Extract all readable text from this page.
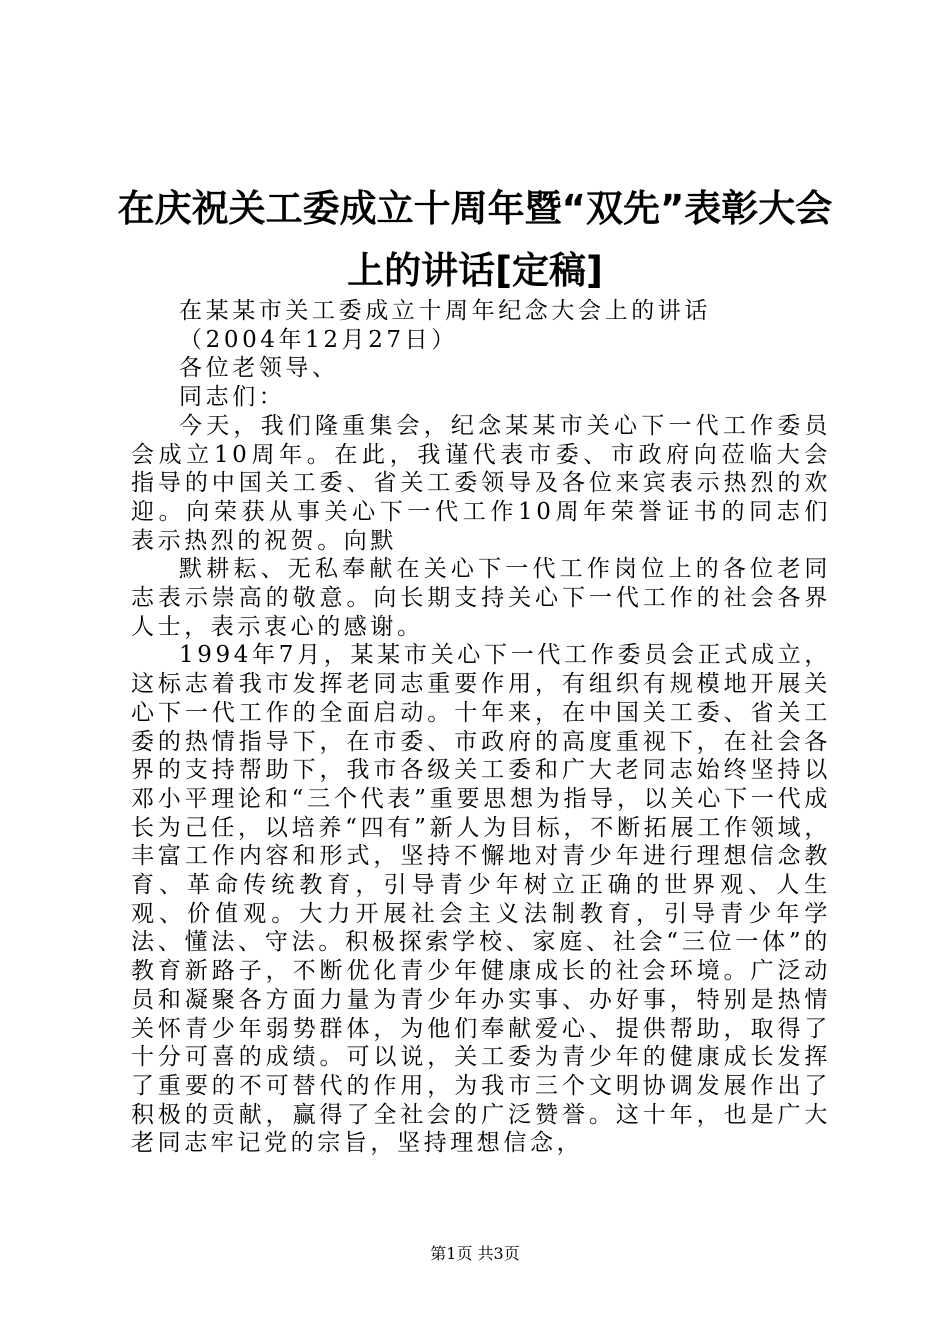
在庆祝关工委成立十周年暨“双先”表彰大会
上的讲话[定稿]

在某某市关工委成立十周年纪念大会上的讲话

（2004年12月27日）

各位老领导、

同志们：

今天，我们隆重集会，纪念某某市关心下一代工作委员会成立10周年。在此，我谨代表市委、市政府向莅临大会指导的中国关工委、省关工委领导及各位来宾表示热烈的欢迎。向荣获从事关心下一代工作10周年荣誉证书的同志们表示热烈的祝贺。向默

默耕耘、无私奉献在关心下一代工作岗位上的各位老同志表示崇高的敬意。向长期支持关心下一代工作的社会各界人士，表示衷心的感谢。

1994年7月，某某市关心下一代工作委员会正式成立，这标志着我市发挥老同志重要作用，有组织有规模地开展关心下一代工作的全面启动。十年来，在中国关工委、省关工委的热情指导下，在市委、市政府的高度重视下，在社会各界的支持帮助下，我市各级关工委和广大老同志始终坚持以邓小平理论和“三个代表”重要思想为指导，以关心下一代成长为己任，以培养“四有”新人为目标，不断拓展工作领域，丰富工作内容和形式，坚持不懈地对青少年进行理想信念教育、革命传统教育，引导青少年树立正确的世界观、人生观、价值观。大力开展社会主义法制教育，引导青少年学法、懂法、守法。积极探索学校、家庭、社会“三位一体”的教育新路子，不断优化青少年健康成长的社会环境。广泛动员和凝聚各方面力量为青少年办实事、办好事，特别是热情关怀青少年弱势群体，为他们奉献爱心、提供帮助，取得了十分可喜的成绩。可以说，关工委为青少年的健康成长发挥了重要的不可替代的作用，为我市三个文明协调发展作出了积极的贡献，赢得了全社会的广泛赞誉。这十年，也是广大老同志牢记党的宗旨，坚持理想信念，

第1页 共3页
